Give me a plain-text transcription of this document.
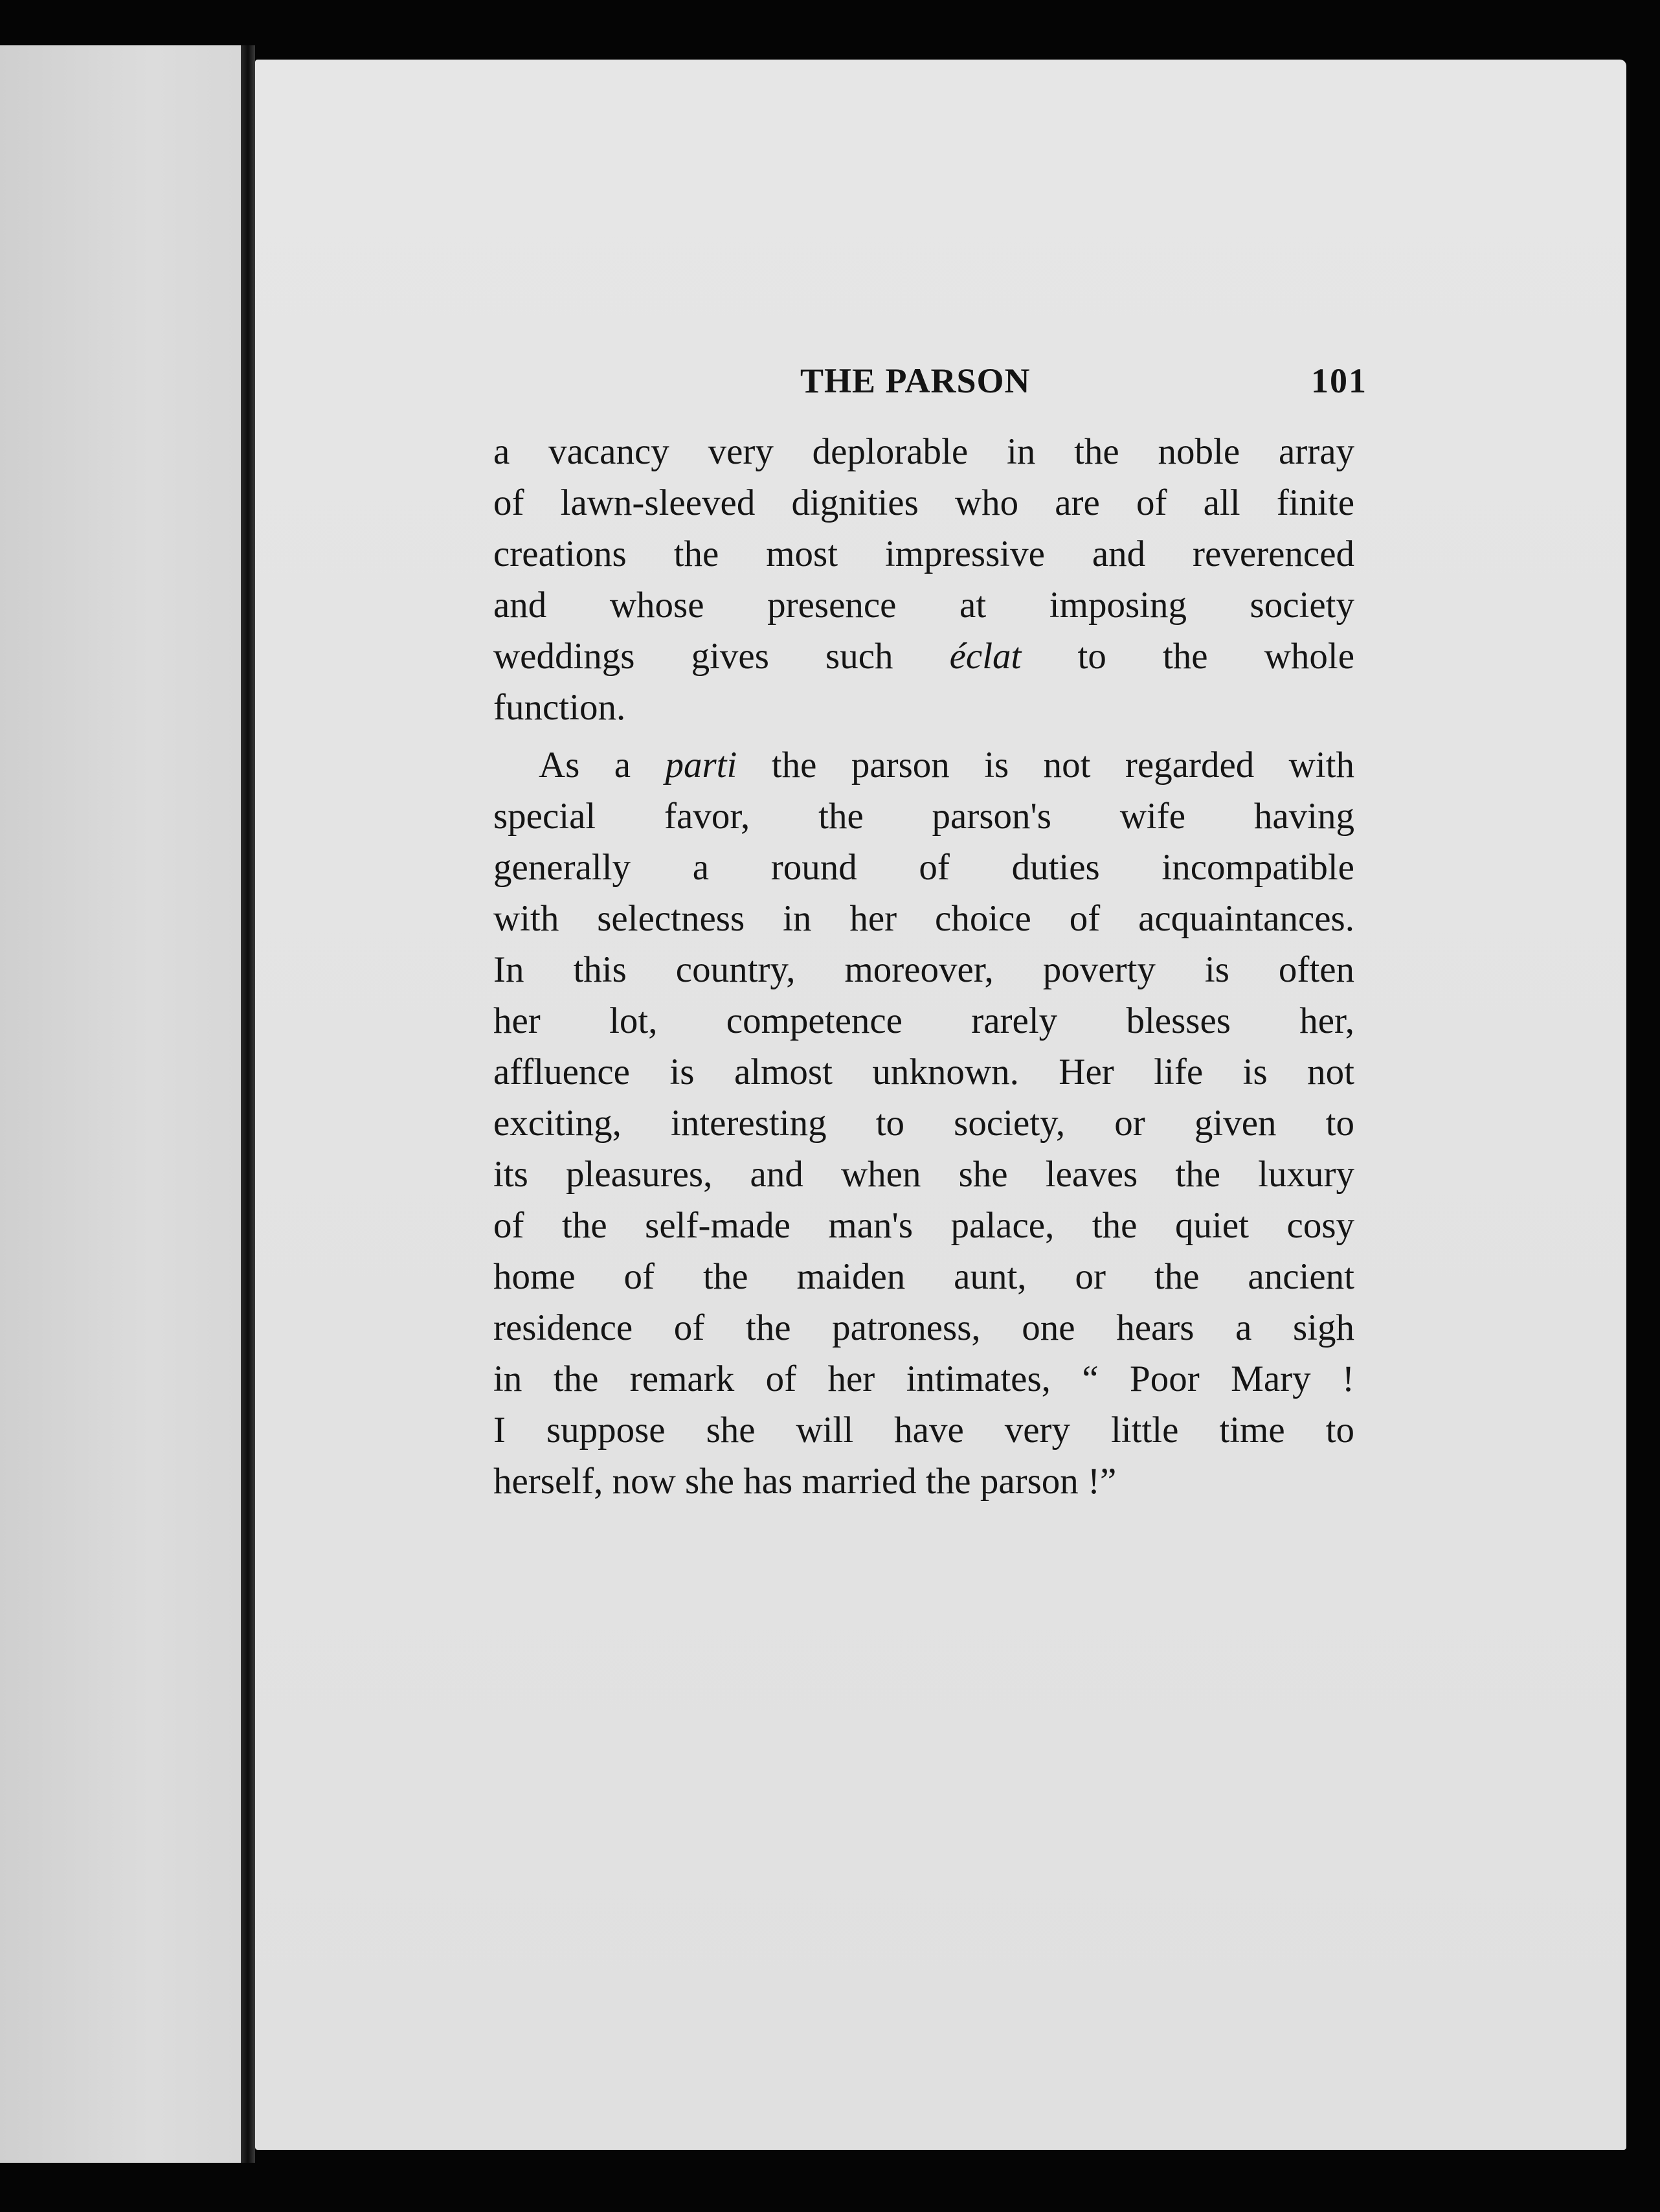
THE PARSON	101
a vacancy very deplorable in the noble array
of lawn-sleeved dignities who are of all finite
creations the most impressive and reverenced
and whose presence at imposing society
weddings gives such éclat to the whole
function.
As a parti the parson is not regarded with
special favor, the parson's wife having
generally a round of duties incompatible
with selectness in her choice of acquaintances.
In this country, moreover, poverty is often
her lot, competence rarely blesses her,
affluence is almost unknown. Her life is not
exciting, interesting to society, or given to
its pleasures, and when she leaves the luxury
of the self-made man's palace, the quiet cosy
home of the maiden aunt, or the ancient
residence of the patroness, one hears a sigh
in the remark of her intimates, “ Poor Mary !
I suppose she will have very little time to
herself, now she has married the parson !”
